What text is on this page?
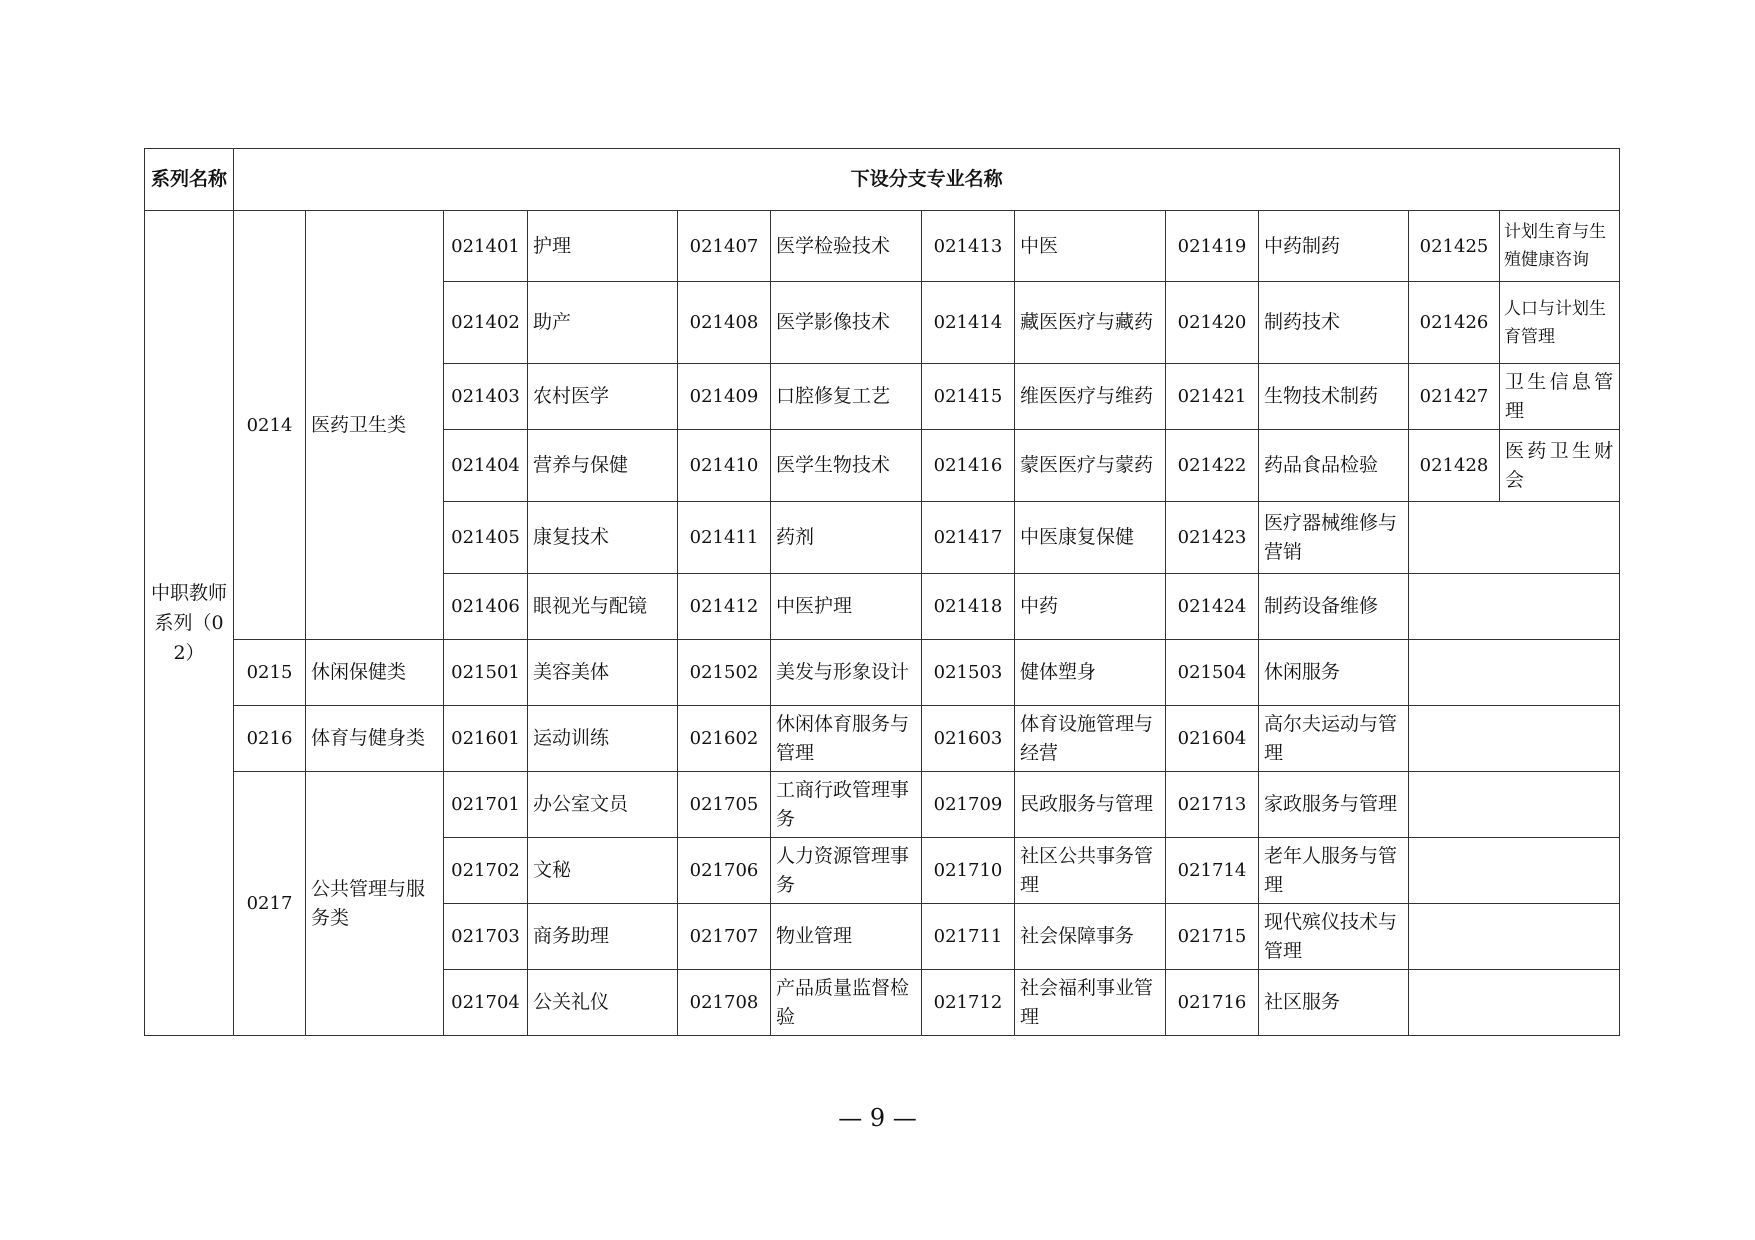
系列名称	下设分支专业名称											
中职教师系列（02）	0214	医药卫生类	021401	护理	021407	医学检验技术	021413	中医	021419	中药制药	021425	计划生育与生殖健康咨询
			021402	助产	021408	医学影像技术	021414	藏医医疗与藏药	021420	制药技术	021426	人口与计划生育管理
			021403	农村医学	021409	口腔修复工艺	021415	维医医疗与维药	021421	生物技术制药	021427	卫生信息管理
			021404	营养与保健	021410	医学生物技术	021416	蒙医医疗与蒙药	021422	药品食品检验	021428	医药卫生财会
			021405	康复技术	021411	药剂	021417	中医康复保健	021423	医疗器械维修与营销		
			021406	眼视光与配镜	021412	中医护理	021418	中药	021424	制药设备维修		
	0215	休闲保健类	021501	美容美体	021502	美发与形象设计	021503	健体塑身	021504	休闲服务		
	0216	体育与健身类	021601	运动训练	021602	休闲体育服务与管理	021603	体育设施管理与经营	021604	高尔夫运动与管理		
	0217	公共管理与服务类	021701	办公室文员	021705	工商行政管理事务	021709	民政服务与管理	021713	家政服务与管理		
			021702	文秘	021706	人力资源管理事务	021710	社区公共事务管理	021714	老年人服务与管理		
			021703	商务助理	021707	物业管理	021711	社会保障事务	021715	现代殡仪技术与管理		
			021704	公关礼仪	021708	产品质量监督检验	021712	社会福利事业管理	021716	社区服务		
— 9 —
